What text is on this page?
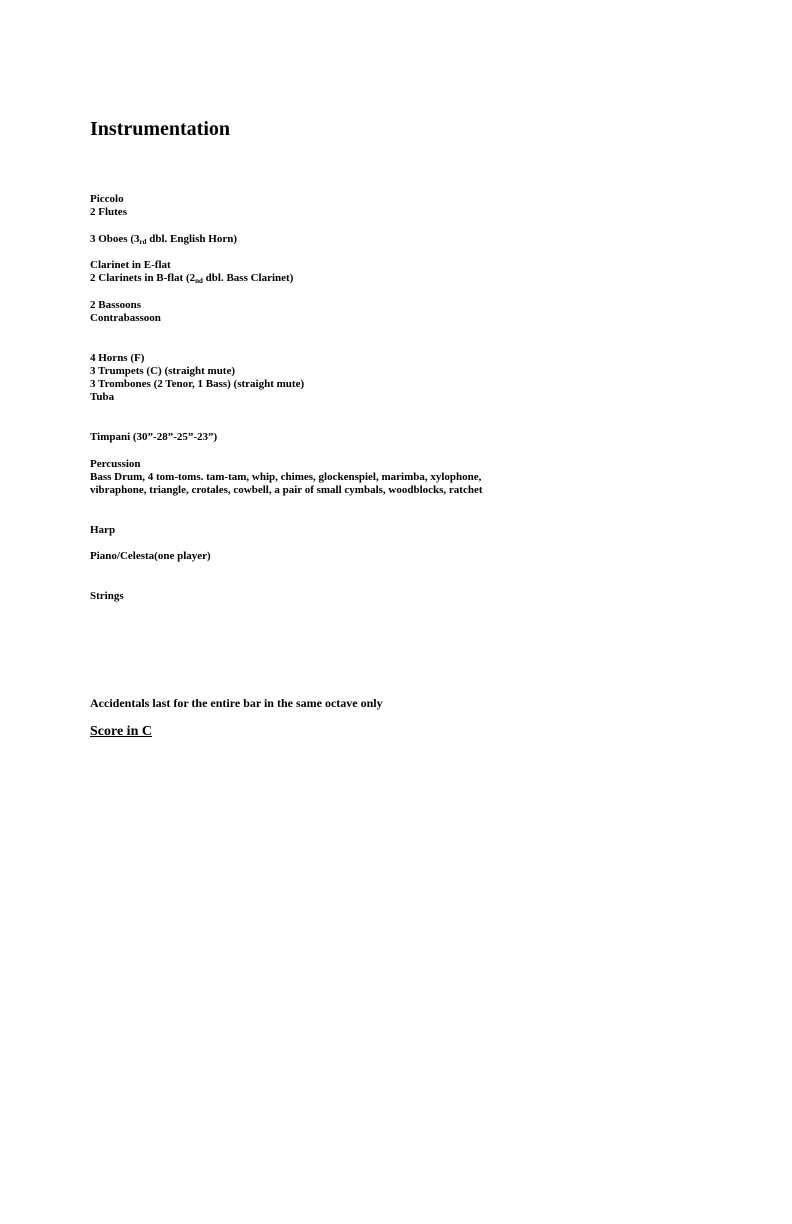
Instrumentation
Piccolo
2 Flutes
3 Oboes (3rd dbl. English Horn)
Clarinet in E-flat
2 Clarinets in B-flat (2nd dbl. Bass Clarinet)
2 Bassoons
Contrabassoon
4 Horns (F)
3 Trumpets (C) (straight mute)
3 Trombones (2 Tenor, 1 Bass) (straight mute)
Tuba
Timpani (30”-28”-25”-23”)
Percussion
Bass Drum, 4 tom-toms. tam-tam, whip, chimes, glockenspiel, marimba, xylophone,
vibraphone, triangle, crotales, cowbell, a pair of small cymbals, woodblocks, ratchet
Harp
Piano/Celesta(one player)
Strings
Accidentals last for the entire bar in the same octave only
Score in C
